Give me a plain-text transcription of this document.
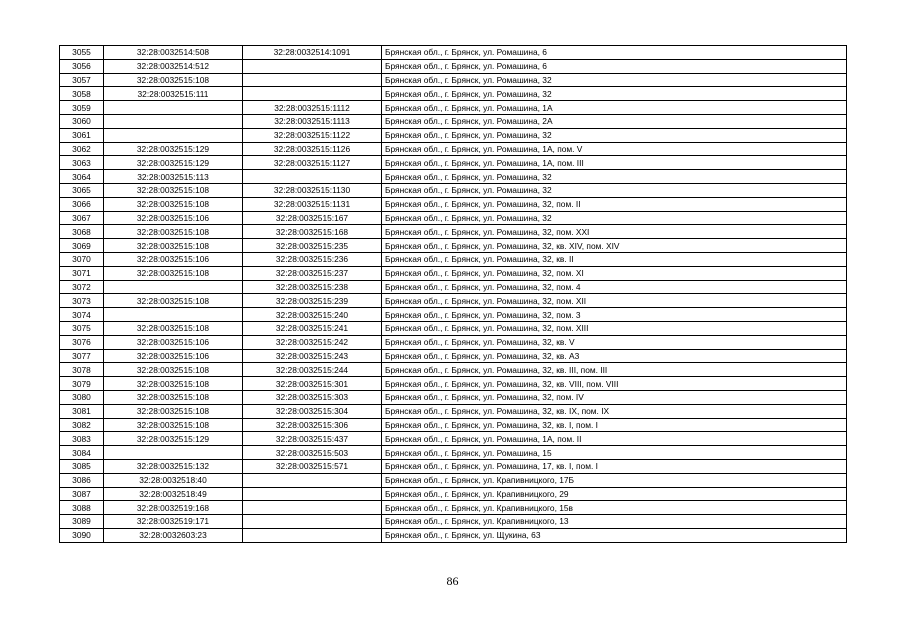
3055	32:28:0032514:508	32:28:0032514:1091	Брянская обл., г. Брянск, ул. Ромашина, 6
3056	32:28:0032514:512		Брянская обл., г. Брянск, ул. Ромашина, 6
3057	32:28:0032515:108		Брянская обл., г. Брянск, ул. Ромашина, 32
3058	32:28:0032515:111		Брянская обл., г. Брянск, ул. Ромашина, 32
3059		32:28:0032515:1112	Брянская обл., г. Брянск, ул. Ромашина, 1А
3060		32:28:0032515:1113	Брянская обл., г. Брянск, ул. Ромашина, 2А
3061		32:28:0032515:1122	Брянская обл., г. Брянск, ул. Ромашина, 32
3062	32:28:0032515:129	32:28:0032515:1126	Брянская обл., г. Брянск, ул. Ромашина, 1А, пом. V
3063	32:28:0032515:129	32:28:0032515:1127	Брянская обл., г. Брянск, ул. Ромашина, 1А, пом. III
3064	32:28:0032515:113		Брянская обл., г. Брянск, ул. Ромашина, 32
3065	32:28:0032515:108	32:28:0032515:1130	Брянская обл., г. Брянск, ул. Ромашина, 32
3066	32:28:0032515:108	32:28:0032515:1131	Брянская обл., г. Брянск, ул. Ромашина, 32, пом. II
3067	32:28:0032515:106	32:28:0032515:167	Брянская обл., г. Брянск, ул. Ромашина, 32
3068	32:28:0032515:108	32:28:0032515:168	Брянская обл., г. Брянск, ул. Ромашина, 32, пом. XXI
3069	32:28:0032515:108	32:28:0032515:235	Брянская обл., г. Брянск, ул. Ромашина, 32, кв. XIV, пом. XIV
3070	32:28:0032515:106	32:28:0032515:236	Брянская обл., г. Брянск, ул. Ромашина, 32, кв. II
3071	32:28:0032515:108	32:28:0032515:237	Брянская обл., г. Брянск, ул. Ромашина, 32, пом. XI
3072		32:28:0032515:238	Брянская обл., г. Брянск, ул. Ромашина, 32, пом. 4
3073	32:28:0032515:108	32:28:0032515:239	Брянская обл., г. Брянск, ул. Ромашина, 32, пом. XII
3074		32:28:0032515:240	Брянская обл., г. Брянск, ул. Ромашина, 32, пом. 3
3075	32:28:0032515:108	32:28:0032515:241	Брянская обл., г. Брянск, ул. Ромашина, 32, пом. XIII
3076	32:28:0032515:106	32:28:0032515:242	Брянская обл., г. Брянск, ул. Ромашина, 32, кв. V
3077	32:28:0032515:106	32:28:0032515:243	Брянская обл., г. Брянск, ул. Ромашина, 32, кв. А3
3078	32:28:0032515:108	32:28:0032515:244	Брянская обл., г. Брянск, ул. Ромашина, 32, кв. III, пом. III
3079	32:28:0032515:108	32:28:0032515:301	Брянская обл., г. Брянск, ул. Ромашина, 32, кв. VIII, пом. VIII
3080	32:28:0032515:108	32:28:0032515:303	Брянская обл., г. Брянск, ул. Ромашина, 32, пом. IV
3081	32:28:0032515:108	32:28:0032515:304	Брянская обл., г. Брянск, ул. Ромашина, 32, кв. IX, пом. IX
3082	32:28:0032515:108	32:28:0032515:306	Брянская обл., г. Брянск, ул. Ромашина, 32, кв. I, пом. I
3083	32:28:0032515:129	32:28:0032515:437	Брянская обл., г. Брянск, ул. Ромашина, 1А, пом. II
3084		32:28:0032515:503	Брянская обл., г. Брянск, ул. Ромашина, 15
3085	32:28:0032515:132	32:28:0032515:571	Брянская обл., г. Брянск, ул. Ромашина, 17, кв. I, пом. I
3086	32:28:0032518:40		Брянская обл., г. Брянск, ул. Крапивницкого, 17Б
3087	32:28:0032518:49		Брянская обл., г. Брянск, ул. Крапивницкого, 29
3088	32:28:0032519:168		Брянская обл., г. Брянск, ул. Крапивницкого, 15в
3089	32:28:0032519:171		Брянская обл., г. Брянск, ул. Крапивницкого, 13
3090	32:28:0032603:23		Брянская обл., г. Брянск, ул. Щукина, 63
86
